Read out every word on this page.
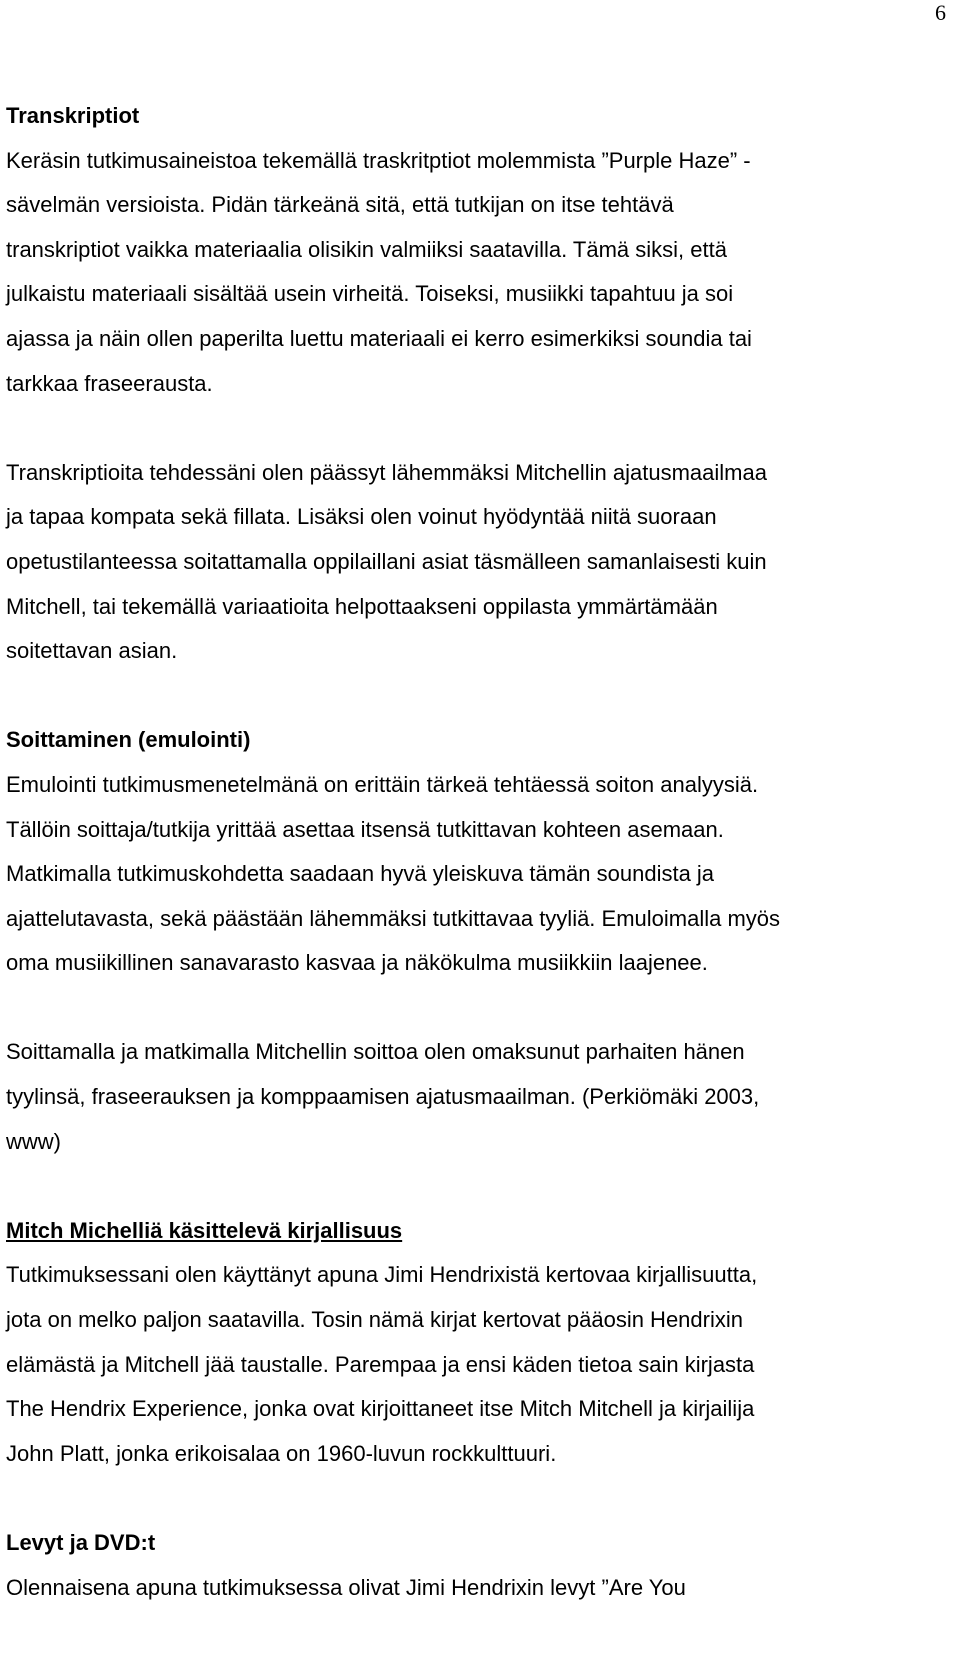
6
Transkriptiot
Keräsin tutkimusaineistoa tekemällä traskritptiot molemmista ”Purple Haze” -
sävelmän versioista. Pidän tärkeänä sitä, että tutkijan on itse tehtävä
transkriptiot vaikka materiaalia olisikin valmiiksi saatavilla. Tämä siksi, että
julkaistu materiaali sisältää usein virheitä. Toiseksi, musiikki tapahtuu ja soi
ajassa ja näin ollen paperilta luettu materiaali ei kerro esimerkiksi soundia tai
tarkkaa fraseerausta.
Transkriptioita tehdessäni olen päässyt lähemmäksi Mitchellin ajatusmaailmaa
ja tapaa kompata sekä fillata. Lisäksi olen voinut hyödyntää niitä suoraan
opetustilanteessa soitattamalla oppilaillani asiat täsmälleen samanlaisesti kuin
Mitchell, tai tekemällä variaatioita helpottaakseni oppilasta ymmärtämään
soitettavan asian.
Soittaminen (emulointi)
Emulointi tutkimusmenetelmänä on erittäin tärkeä tehtäessä soiton analyysiä.
Tällöin soittaja/tutkija yrittää asettaa itsensä tutkittavan kohteen asemaan.
Matkimalla tutkimuskohdetta saadaan hyvä yleiskuva tämän soundista ja
ajattelutavasta, sekä päästään lähemmäksi tutkittavaa tyyliä. Emuloimalla myös
oma musiikillinen sanavarasto kasvaa ja näkökulma musiikkiin laajenee.
Soittamalla ja matkimalla Mitchellin soittoa olen omaksunut parhaiten hänen
tyylinsä, fraseerauksen ja komppaamisen ajatusmaailman. (Perkiömäki 2003,
www)
Mitch Michelliä käsittelevä kirjallisuus
Tutkimuksessani olen käyttänyt apuna Jimi Hendrixistä kertovaa kirjallisuutta,
jota on melko paljon saatavilla. Tosin nämä kirjat kertovat pääosin Hendrixin
elämästä ja Mitchell jää taustalle. Parempaa ja ensi käden tietoa sain kirjasta
The Hendrix Experience, jonka ovat kirjoittaneet itse Mitch Mitchell ja kirjailija
John Platt, jonka erikoisalaa on 1960-luvun rockkulttuuri.
Levyt ja DVD:t
Olennaisena apuna tutkimuksessa olivat Jimi Hendrixin levyt ”Are You
